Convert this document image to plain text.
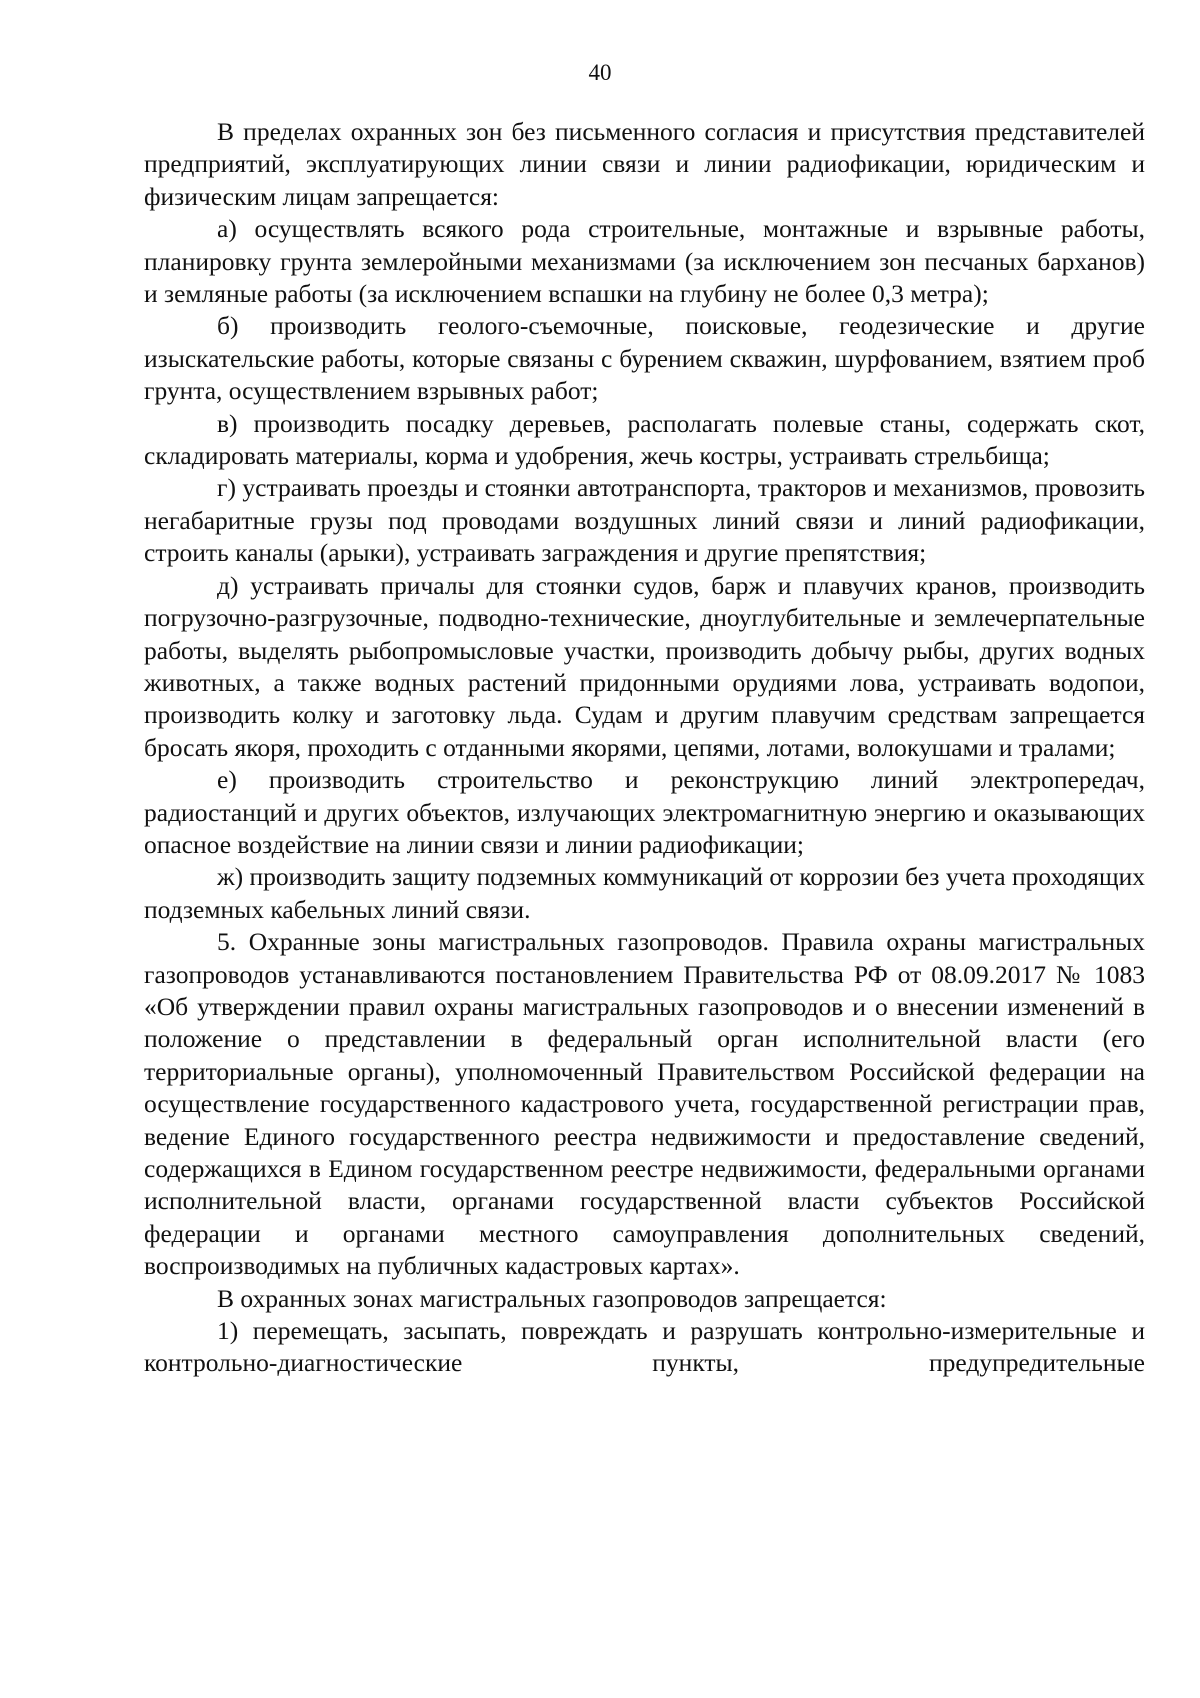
40

В пределах охранных зон без письменного согласия и присутствия представителей предприятий, эксплуатирующих линии связи и линии радиофикации, юридическим и физическим лицам запрещается:

а) осуществлять всякого рода строительные, монтажные и взрывные работы, планировку грунта землеройными механизмами (за исключением зон песчаных барханов) и земляные работы (за исключением вспашки на глубину не более 0,3 метра);

б) производить геолого-съемочные, поисковые, геодезические и другие изыскательские работы, которые связаны с бурением скважин, шурфованием, взятием проб грунта, осуществлением взрывных работ;

в) производить посадку деревьев, располагать полевые станы, содержать скот, складировать материалы, корма и удобрения, жечь костры, устраивать стрельбища;

г) устраивать проезды и стоянки автотранспорта, тракторов и механизмов, провозить негабаритные грузы под проводами воздушных линий связи и линий радиофикации, строить каналы (арыки), устраивать заграждения и другие препятствия;

д) устраивать причалы для стоянки судов, барж и плавучих кранов, производить погрузочно-разгрузочные, подводно-технические, дноуглубительные и землечерпательные работы, выделять рыбопромысловые участки, производить добычу рыбы, других водных животных, а также водных растений придонными орудиями лова, устраивать водопои, производить колку и заготовку льда. Судам и другим плавучим средствам запрещается бросать якоря, проходить с отданными якорями, цепями, лотами, волокушами и тралами;

е) производить строительство и реконструкцию линий электропередач, радиостанций и других объектов, излучающих электромагнитную энергию и оказывающих опасное воздействие на линии связи и линии радиофикации;

ж) производить защиту подземных коммуникаций от коррозии без учета проходящих подземных кабельных линий связи.

5. Охранные зоны магистральных газопроводов. Правила охраны магистральных газопроводов устанавливаются постановлением Правительства РФ от 08.09.2017 № 1083 «Об утверждении правил охраны магистральных газопроводов и о внесении изменений в положение о представлении в федеральный орган исполнительной власти (его территориальные органы), уполномоченный Правительством Российской федерации на осуществление государственного кадастрового учета, государственной регистрации прав, ведение Единого государственного реестра недвижимости и предоставление сведений, содержащихся в Едином государственном реестре недвижимости, федеральными органами исполнительной власти, органами государственной власти субъектов Российской федерации и органами местного самоуправления дополнительных сведений, воспроизводимых на публичных кадастровых картах».

В охранных зонах магистральных газопроводов запрещается:

1) перемещать, засыпать, повреждать и разрушать контрольно-измерительные и контрольно-диагностические пункты, предупредительные
